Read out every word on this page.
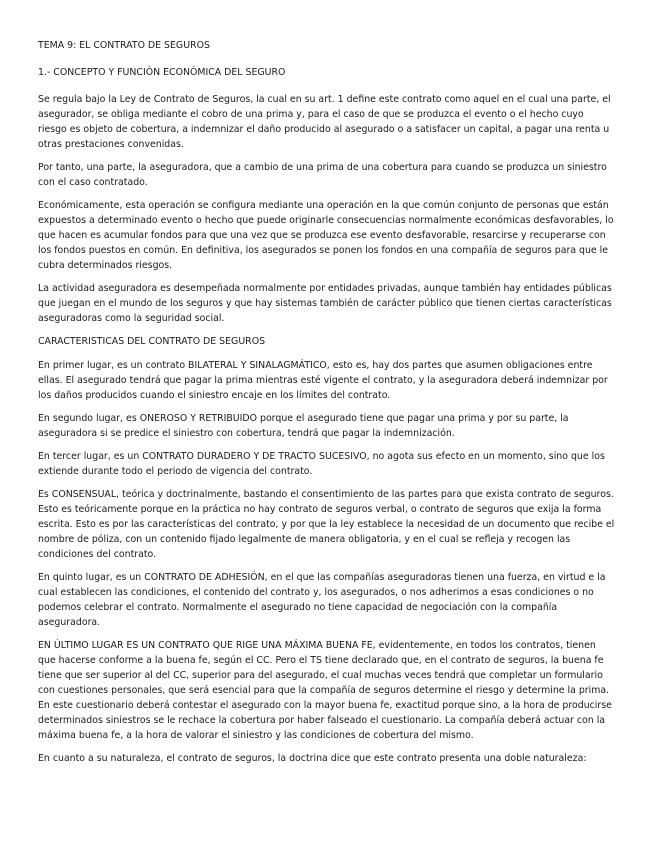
TEMA 9: EL CONTRATO DE SEGUROS
1.- CONCEPTO Y FUNCIÓN ECONÓMICA DEL SEGURO

Se regula bajo la Ley de Contrato de Seguros, la cual en su art. 1 define este contrato como aquel en el cual una parte, el asegurador, se obliga mediante el cobro de una prima y, para el caso de que se produzca el evento o el hecho cuyo riesgo es objeto de cobertura, a indemnizar el daño producido al asegurado o a satisfacer un capital, a pagar una renta u otras prestaciones convenidas.

Por tanto, una parte, la aseguradora, que a cambio de una prima de una cobertura para cuando se produzca un siniestro con el caso contratado.

Económicamente, esta operación se configura mediante una operación en la que común conjunto de personas que están expuestos a determinado evento o hecho que puede originarle consecuencias normalmente económicas desfavorables, lo que hacen es acumular fondos para que una vez que se produzca ese evento desfavorable, resarcirse y recuperarse con los fondos puestos en común. En definitiva, los asegurados se ponen los fondos en una compañía de seguros para que le cubra determinados riesgos.

La actividad aseguradora es desempeñada normalmente por entidades privadas, aunque también hay entidades públicas que juegan en el mundo de los seguros y que hay sistemas también de carácter público que tienen ciertas características aseguradoras como la seguridad social.

CARACTERISTICAS DEL CONTRATO DE SEGUROS

En primer lugar, es un contrato BILATERAL Y SINALAGMÁTICO, esto es, hay dos partes que asumen obligaciones entre ellas. El asegurado tendrá que pagar la prima mientras esté vigente el contrato, y la aseguradora deberá indemnizar por los daños producidos cuando el siniestro encaje en los límites del contrato.

En segundo lugar, es ONEROSO Y RETRIBUIDO porque el asegurado tiene que pagar una prima y por su parte, la aseguradora si se predice el siniestro con cobertura, tendrá que pagar la indemnización.

En tercer lugar, es un CONTRATO DURADERO Y DE TRACTO SUCESIVO, no agota sus efecto en un momento, sino que los extiende durante todo el periodo de vigencia del contrato.

Es CONSENSUAL, teórica y doctrinalmente, bastando el consentimiento de las partes para que exista contrato de seguros. Esto es teóricamente porque en la práctica no hay contrato de seguros verbal, o contrato de seguros que exija la forma escrita. Esto es por las características del contrato, y por que la ley establece la necesidad de un documento que recibe el nombre de póliza, con un contenido fijado legalmente de manera obligatoria, y en el cual se refleja y recogen las condiciones del contrato.

En quinto lugar, es un CONTRATO DE ADHESIÓN, en el que las compañías aseguradoras tienen una fuerza, en virtud e la cual establecen las condiciones, el contenido del contrato y, los asegurados, o nos adherimos a esas condiciones o no podemos celebrar el contrato. Normalmente el asegurado no tiene capacidad de negociación con la compañía aseguradora.

EN ÚLTIMO LUGAR ES UN CONTRATO QUE RIGE UNA MÁXIMA BUENA FE, evidentemente, en todos los contratos, tienen que hacerse conforme a la buena fe, según el CC. Pero el TS tiene declarado que, en el contrato de seguros, la buena fe tiene que ser superior al del CC, superior para del asegurado, el cual muchas veces tendrá que completar un formulario con cuestiones personales, que será esencial para que la compañía de seguros determine el riesgo y determine la prima. En este cuestionario deberá contestar el asegurado con la mayor buena fe, exactitud porque sino, a la hora de producirse determinados siniestros se le rechace la cobertura por haber falseado el cuestionario. La compañía deberá actuar con la máxima buena fe, a la hora de valorar el siniestro y las condiciones de cobertura del mismo.

En cuanto a su naturaleza, el contrato de seguros, la doctrina dice que este contrato presenta una doble naturaleza:
